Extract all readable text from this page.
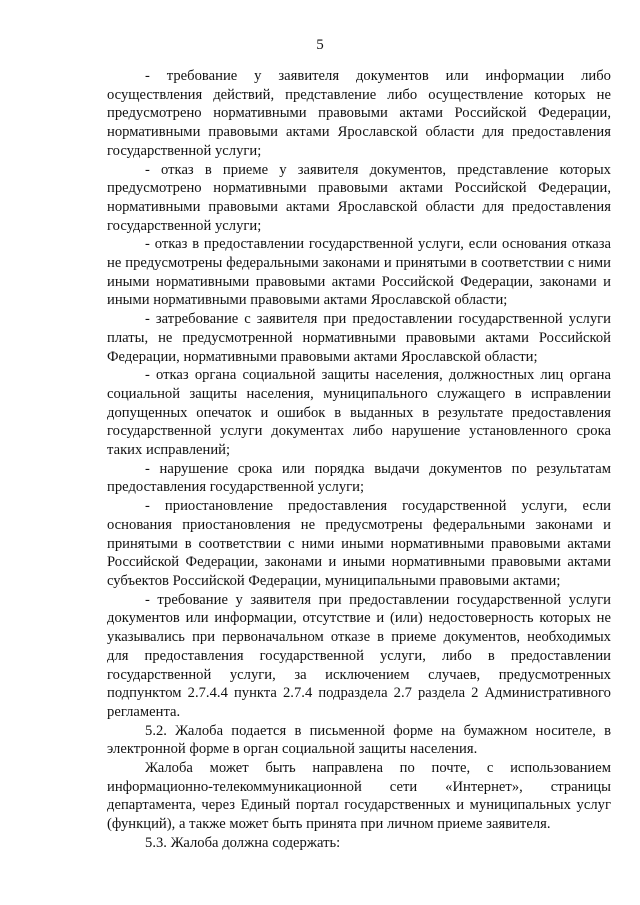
5

- требование у заявителя документов или информации либо осуществления действий, представление либо осуществление которых не предусмотрено нормативными правовыми актами Российской Федерации, нормативными правовыми актами Ярославской области для предоставления государственной услуги;

- отказ в приеме у заявителя документов, представление которых предусмотрено нормативными правовыми актами Российской Федерации, нормативными правовыми актами Ярославской области для предоставления государственной услуги;

- отказ в предоставлении государственной услуги, если основания отказа не предусмотрены федеральными законами и принятыми в соответствии с ними иными нормативными правовыми актами Российской Федерации, законами и иными нормативными правовыми актами Ярославской области;

- затребование с заявителя при предоставлении государственной услуги платы, не предусмотренной нормативными правовыми актами Российской Федерации, нормативными правовыми актами Ярославской области;

- отказ органа социальной защиты населения, должностных лиц органа социальной защиты населения, муниципального служащего в исправлении допущенных опечаток и ошибок в выданных в результате предоставления государственной услуги документах либо нарушение установленного срока таких исправлений;

- нарушение срока или порядка выдачи документов по результатам предоставления государственной услуги;

- приостановление предоставления государственной услуги, если основания приостановления не предусмотрены федеральными законами и принятыми в соответствии с ними иными нормативными правовыми актами Российской Федерации, законами и иными нормативными правовыми актами субъектов Российской Федерации, муниципальными правовыми актами;

- требование у заявителя при предоставлении государственной услуги документов или информации, отсутствие и (или) недостоверность которых не указывались при первоначальном отказе в приеме документов, необходимых для предоставления государственной услуги, либо в предоставлении государственной услуги, за исключением случаев, предусмотренных подпунктом 2.7.4.4 пункта 2.7.4 подраздела 2.7 раздела 2 Административного регламента.

5.2. Жалоба подается в письменной форме на бумажном носителе, в электронной форме в орган социальной защиты населения.

Жалоба может быть направлена по почте, с использованием информационно-телекоммуникационной сети «Интернет», страницы департамента, через Единый портал государственных и муниципальных услуг (функций), а также может быть принята при личном приеме заявителя.

5.3. Жалоба должна содержать:
